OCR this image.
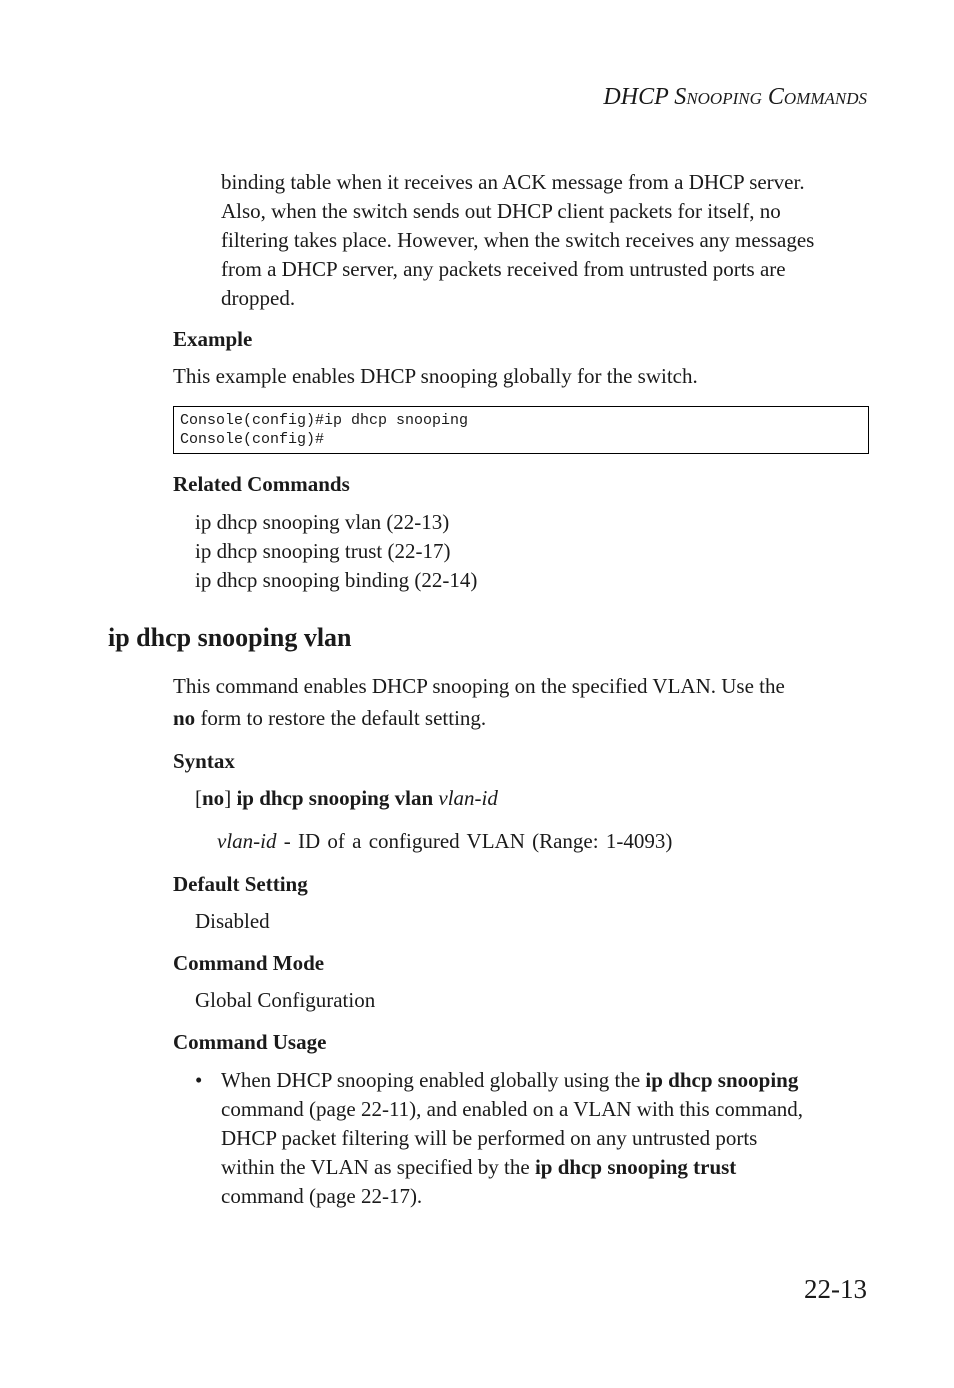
DHCP SNOOPING COMMANDS
binding table when it receives an ACK message from a DHCP server.
Also, when the switch sends out DHCP client packets for itself, no
filtering takes place. However, when the switch receives any messages
from a DHCP server, any packets received from untrusted ports are
dropped.
Example
This example enables DHCP snooping globally for the switch.
Console(config)#ip dhcp snooping
Console(config)#
Related Commands
ip dhcp snooping vlan (22-13)
ip dhcp snooping trust (22-17)
ip dhcp snooping binding (22-14)
ip dhcp snooping vlan
This command enables DHCP snooping on the specified VLAN. Use the
no form to restore the default setting.
Syntax
[no] ip dhcp snooping vlan vlan-id
vlan-id - ID of a configured VLAN (Range: 1-4093)
Default Setting
Disabled
Command Mode
Global Configuration
Command Usage
• When DHCP snooping enabled globally using the ip dhcp snooping
command (page 22-11), and enabled on a VLAN with this command,
DHCP packet filtering will be performed on any untrusted ports
within the VLAN as specified by the ip dhcp snooping trust
command (page 22-17).
22-13
